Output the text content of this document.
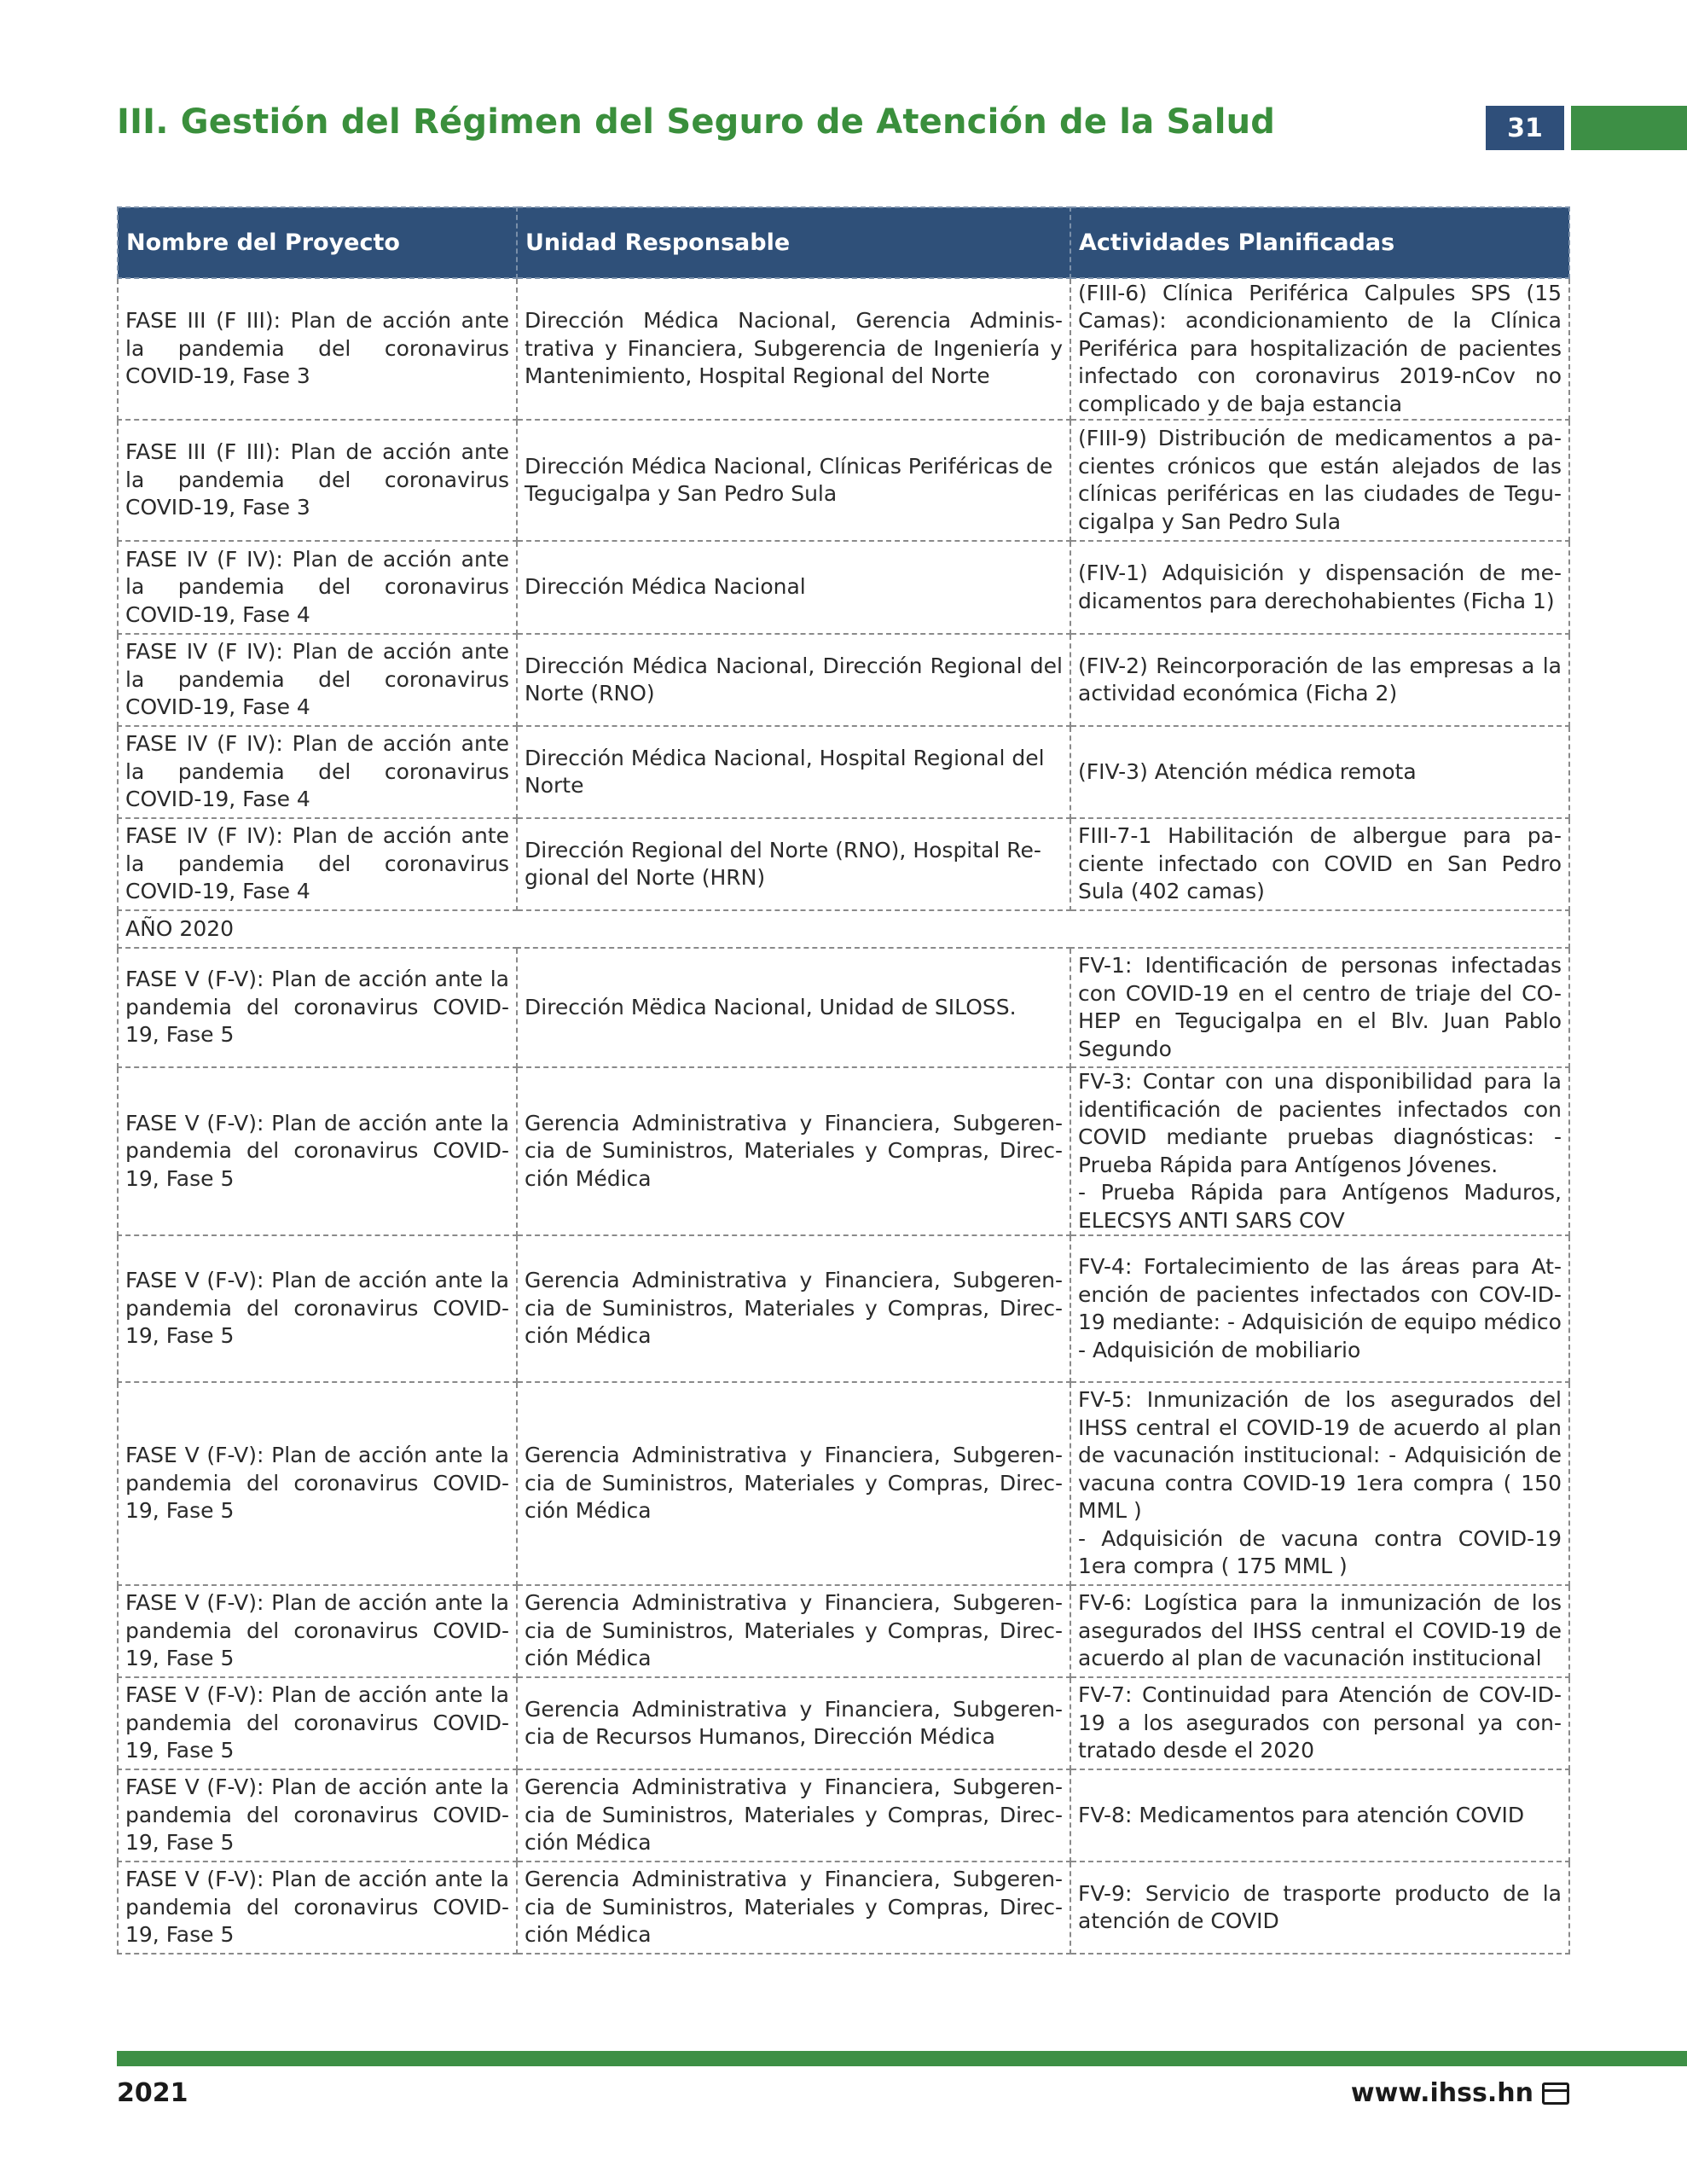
III. Gestión del Régimen del Seguro de Atención de la Salud	31
Nombre del Proyecto	Unidad Responsable	Actividades Planificadas
FASE III (F III): Plan de acción ante la pandemia del coronavirus COVID-19, Fase 3	Dirección Médica Nacional, Gerencia Adminis-trativa y Financiera, Subgerencia de Ingeniería y Mantenimiento, Hospital Regional del Norte	(FIII-6) Clínica Periférica Calpules SPS (15 Camas): acondicionamiento de la Clínica Periférica para hospitalización de pacientes infectado con coronavirus 2019-nCov no complicado y de baja estancia
FASE III (F III): Plan de acción ante la pandemia del coronavirus COVID-19, Fase 3	Dirección Médica Nacional, Clínicas Periféricas de Tegucigalpa y San Pedro Sula	(FIII-9) Distribución de medicamentos a pa-cientes crónicos que están alejados de las clínicas periféricas en las ciudades de Tegu-cigalpa y San Pedro Sula
FASE IV (F IV): Plan de acción ante la pandemia del coronavirus COVID-19, Fase 4	Dirección Médica Nacional	(FIV-1) Adquisición y dispensación de me-dicamentos para derechohabientes (Ficha 1)
FASE IV (F IV): Plan de acción ante la pandemia del coronavirus COVID-19, Fase 4	Dirección Médica Nacional, Dirección Regional del Norte (RNO)	(FIV-2) Reincorporación de las empresas a la actividad económica (Ficha 2)
FASE IV (F IV): Plan de acción ante la pandemia del coronavirus COVID-19, Fase 4	Dirección Médica Nacional, Hospital Regional del Norte	(FIV-3) Atención médica remota
FASE IV (F IV): Plan de acción ante la pandemia del coronavirus COVID-19, Fase 4	Dirección Regional del Norte (RNO), Hospital Re-gional del Norte (HRN)	FIII-7-1 Habilitación de albergue para pa-ciente infectado con COVID en San Pedro Sula (402 camas)
AÑO 2020		
FASE V (F-V): Plan de acción ante la pandemia del coronavirus COVID-19, Fase 5	Dirección Mëdica Nacional, Unidad de SILOSS.	FV-1: Identificación de personas infectadas con COVID-19 en el centro de triaje del CO-HEP en Tegucigalpa en el Blv. Juan Pablo Segundo
FASE V (F-V): Plan de acción ante la pandemia del coronavirus COVID-19, Fase 5	Gerencia Administrativa y Financiera, Subgeren-cia de Suministros, Materiales y Compras, Direc-ción Médica	FV-3: Contar con una disponibilidad para la identificación de pacientes infectados con COVID mediante pruebas diagnósticas: - Prueba Rápida para Antígenos Jóvenes.
- Prueba Rápida para Antígenos Maduros, ELECSYS ANTI SARS COV
FASE V (F-V): Plan de acción ante la pandemia del coronavirus COVID-19, Fase 5	Gerencia Administrativa y Financiera, Subgeren-cia de Suministros, Materiales y Compras, Direc-ción Médica	FV-4: Fortalecimiento de las áreas para At-ención de pacientes infectados con COV-ID-19 mediante: - Adquisición de equipo médico
- Adquisición de mobiliario
FASE V (F-V): Plan de acción ante la pandemia del coronavirus COVID-19, Fase 5	Gerencia Administrativa y Financiera, Subgeren-cia de Suministros, Materiales y Compras, Direc-ción Médica	FV-5: Inmunización de los asegurados del IHSS central el COVID-19 de acuerdo al plan de vacunación institucional: - Adquisición de vacuna contra COVID-19 1era compra ( 150 MML )
- Adquisición de vacuna contra COVID-19 1era compra ( 175 MML )
FASE V (F-V): Plan de acción ante la pandemia del coronavirus COVID-19, Fase 5	Gerencia Administrativa y Financiera, Subgeren-cia de Suministros, Materiales y Compras, Direc-ción Médica	FV-6: Logística para la inmunización de los asegurados del IHSS central el COVID-19 de acuerdo al plan de vacunación institucional
FASE V (F-V): Plan de acción ante la pandemia del coronavirus COVID-19, Fase 5	Gerencia Administrativa y Financiera, Subgeren-cia de Recursos Humanos, Dirección Médica	FV-7: Continuidad para Atención de COV-ID-19 a los asegurados con personal ya con-tratado desde el 2020
FASE V (F-V): Plan de acción ante la pandemia del coronavirus COVID-19, Fase 5	Gerencia Administrativa y Financiera, Subgeren-cia de Suministros, Materiales y Compras, Direc-ción Médica	FV-8: Medicamentos para atención COVID
FASE V (F-V): Plan de acción ante la pandemia del coronavirus COVID-19, Fase 5	Gerencia Administrativa y Financiera, Subgeren-cia de Suministros, Materiales y Compras, Direc-ción Médica	FV-9: Servicio de trasporte producto de la atención de COVID
2021	www.ihss.hn
